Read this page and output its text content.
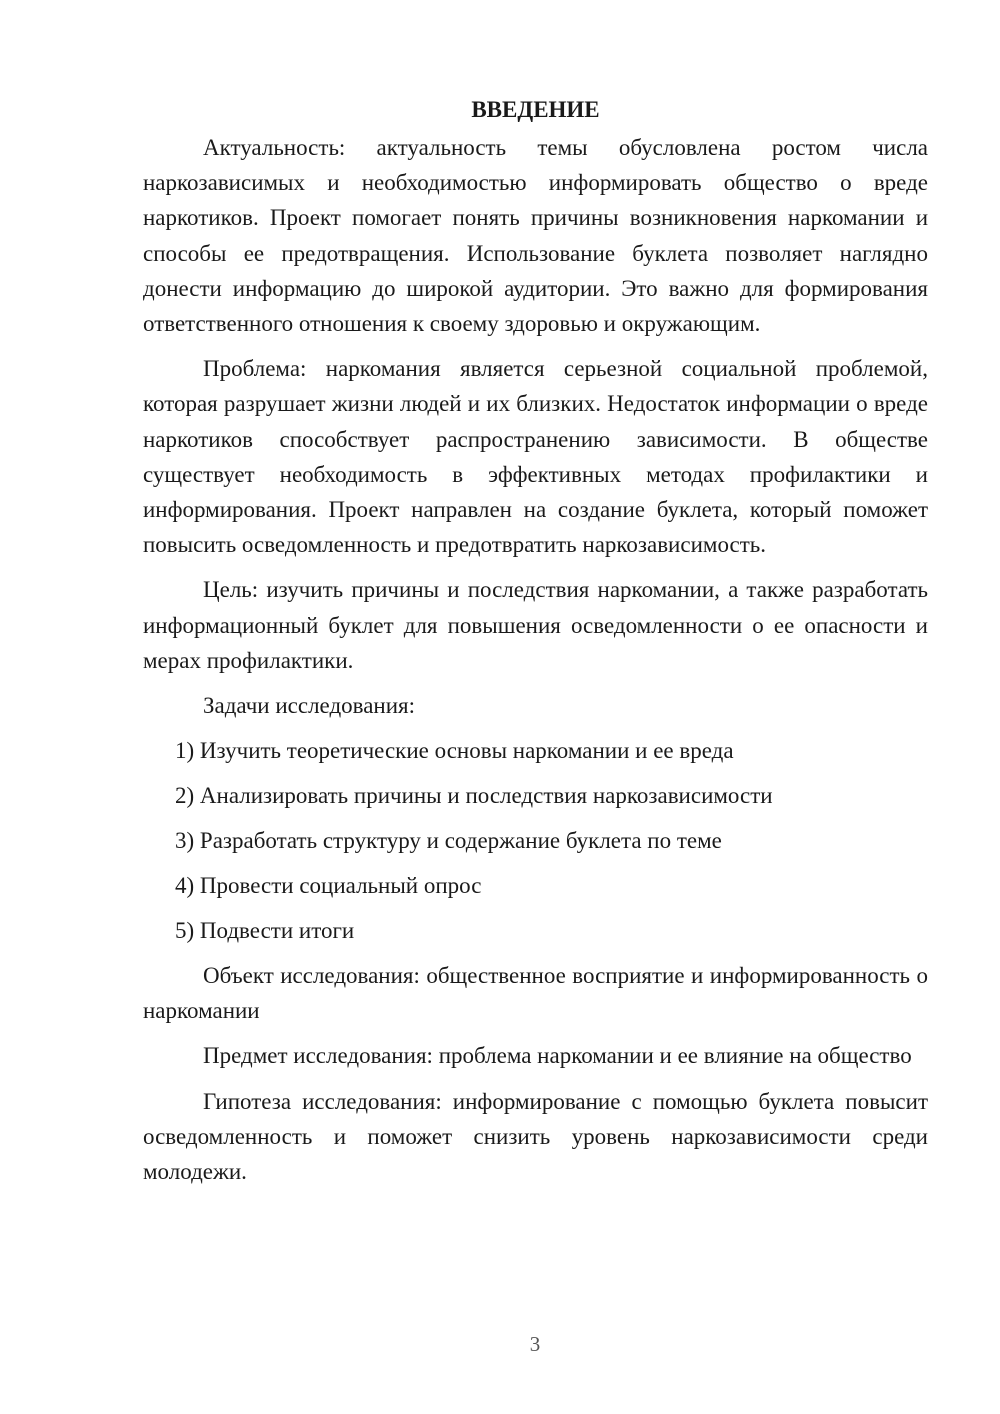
ВВЕДЕНИЕ

Актуальность: актуальность темы обусловлена ростом числа наркозависимых и необходимостью информировать общество о вреде наркотиков. Проект помогает понять причины возникновения наркомании и способы ее предотвращения. Использование буклета позволяет наглядно донести информацию до широкой аудитории. Это важно для формирования ответственного отношения к своему здоровью и окружающим.

Проблема: наркомания является серьезной социальной проблемой, которая разрушает жизни людей и их близких. Недостаток информации о вреде наркотиков способствует распространению зависимости. В обществе существует необходимость в эффективных методах профилактики и информирования. Проект направлен на создание буклета, который поможет повысить осведомленность и предотвратить наркозависимость.

Цель: изучить причины и последствия наркомании, а также разработать информационный буклет для повышения осведомленности о ее опасности и мерах профилактики.

Задачи исследования:
1) Изучить теоретические основы наркомании и ее вреда
2) Анализировать причины и последствия наркозависимости
3) Разработать структуру и содержание буклета по теме
4) Провести социальный опрос
5) Подвести итоги

Объект исследования: общественное восприятие и информированность о наркомании

Предмет исследования: проблема наркомании и ее влияние на общество

Гипотеза исследования: информирование с помощью буклета повысит осведомленность и поможет снизить уровень наркозависимости среди молодежи.

3
